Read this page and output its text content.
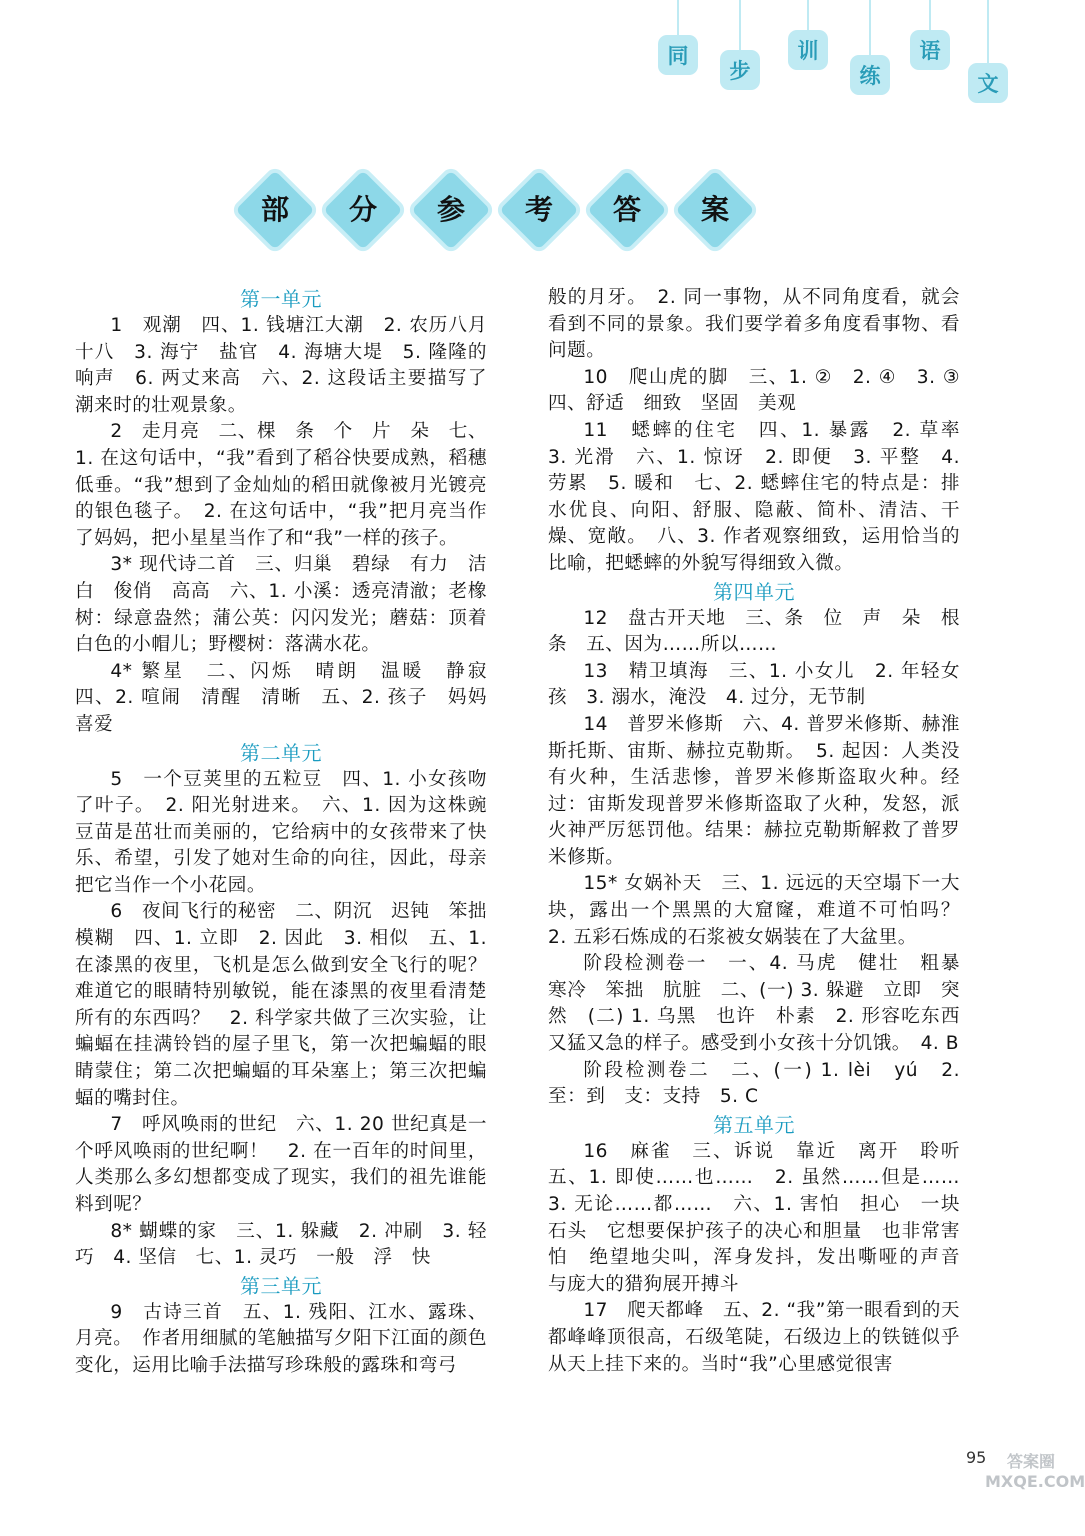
同
步
训
练
语
文
部	分	参	考	答	案
第一单元

1　观潮　四、1. 钱塘江大潮　2. 农历八月十八　3. 海宁　盐官　4. 海塘大堤　5. 隆隆的响声　6. 两丈来高　六、2. 这段话主要描写了潮来时的壮观景象。

2　走月亮　二、棵　条　个　片　朵　七、1. 在这句话中，“我”看到了稻谷快要成熟，稻穗低垂。“我”想到了金灿灿的稻田就像被月光镀亮的银色毯子。　2. 在这句话中，“我”把月亮当作了妈妈，把小星星当作了和“我”一样的孩子。

3* 现代诗二首　三、归巢　碧绿　有力　洁白　俊俏　高高　六、1. 小溪：透亮清澈；老橡树：绿意盎然；蒲公英：闪闪发光；蘑菇：顶着白色的小帽儿；野樱树：落满水花。

4* 繁星　二、闪烁　晴朗　温暖　静寂　四、2. 喧闹　清醒　清晰　五、2. 孩子　妈妈　喜爱

第二单元

5　一个豆荚里的五粒豆　四、1. 小女孩吻了叶子。　2. 阳光射进来。　六、1. 因为这株豌豆苗是茁壮而美丽的，它给病中的女孩带来了快乐、希望，引发了她对生命的向往，因此，母亲把它当作一个小花园。

6　夜间飞行的秘密　二、阴沉　迟钝　笨拙　模糊　四、1. 立即　2. 因此　3. 相似　五、1. 在漆黑的夜里，飞机是怎么做到安全飞行的呢？　难道它的眼睛特别敏锐，能在漆黑的夜里看清楚所有的东西吗？　2. 科学家共做了三次实验，让蝙蝠在挂满铃铛的屋子里飞，第一次把蝙蝠的眼睛蒙住；第二次把蝙蝠的耳朵塞上；第三次把蝙蝠的嘴封住。

7　呼风唤雨的世纪　六、1. 20 世纪真是一个呼风唤雨的世纪啊！　2. 在一百年的时间里，人类那么多幻想都变成了现实，我们的祖先谁能料到呢？

8* 蝴蝶的家　三、1. 躲藏　2. 冲刷　3. 轻巧　4. 坚信　七、1. 灵巧　一般　浮　快

第三单元

9　古诗三首　五、1. 残阳、江水、露珠、月亮。　作者用细腻的笔触描写夕阳下江面的颜色变化，运用比喻手法描写珍珠般的露珠和弯弓

般的月牙。　2. 同一事物，从不同角度看，就会看到不同的景象。我们要学着多角度看事物、看问题。

10　爬山虎的脚　三、1. ②　2. ④　3. ③　四、舒适　细致　坚固　美观

11　蟋蟀的住宅　四、1. 暴露　2. 草率　3. 光滑　六、1. 惊讶　2. 即便　3. 平整　4. 劳累　5. 暖和　七、2. 蟋蟀住宅的特点是：排水优良、向阳、舒服、隐蔽、简朴、清洁、干燥、宽敞。　八、3. 作者观察细致，运用恰当的比喻，把蟋蟀的外貌写得细致入微。

第四单元

12　盘古开天地　三、条　位　声　朵　根　条　五、因为……所以……

13　精卫填海　三、1. 小女儿　2. 年轻女孩　3. 溺水，淹没　4. 过分，无节制

14　普罗米修斯　六、4. 普罗米修斯、赫淮斯托斯、宙斯、赫拉克勒斯。　5. 起因：人类没有火种，生活悲惨，普罗米修斯盗取火种。经过：宙斯发现普罗米修斯盗取了火种，发怒，派火神严厉惩罚他。结果：赫拉克勒斯解救了普罗米修斯。

15* 女娲补天　三、1. 远远的天空塌下一大块，露出一个黑黑的大窟窿，难道不可怕吗？　2. 五彩石炼成的石浆被女娲装在了大盆里。

阶段检测卷一　一、4. 马虎　健壮　粗暴　寒冷　笨拙　肮脏　二、(一) 3. 躲避　立即　突然　(二) 1. 乌黑　也许　朴素　2. 形容吃东西又猛又急的样子。感受到小女孩十分饥饿。　4. B

阶段检测卷二　二、(一) 1. lèi　yú　2. 至：到　支：支持　5. C

第五单元

16　麻雀　三、诉说　靠近　离开　聆听　五、1. 即使……也……　2. 虽然……但是……　3. 无论……都……　六、1. 害怕　担心　一块石头　它想要保护孩子的决心和胆量　也非常害怕　绝望地尖叫，浑身发抖，发出嘶哑的声音　与庞大的猎狗展开搏斗

17　爬天都峰　五、2. “我”第一眼看到的天都峰峰顶很高，石级笔陡，石级边上的铁链似乎从天上挂下来的。当时“我”心里感觉很害

95	答案圈
MXQE.COM
